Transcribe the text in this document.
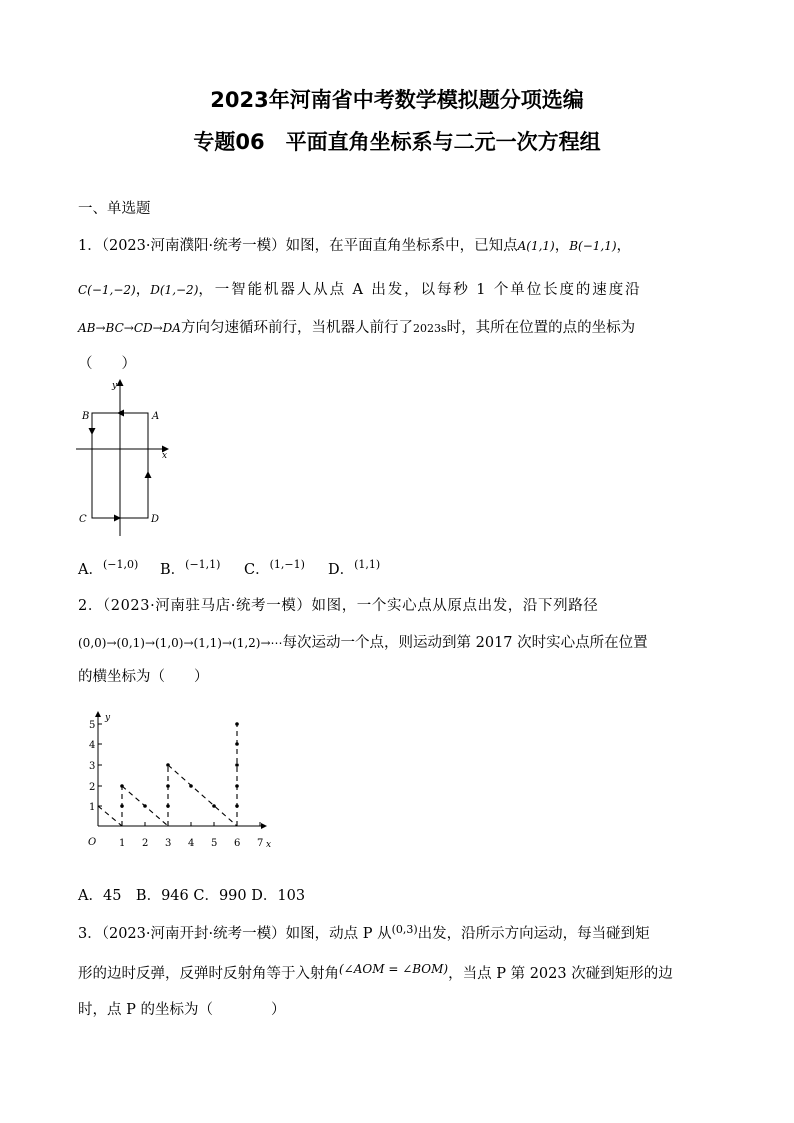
2023年河南省中考数学模拟题分项选编
专题06　平面直角坐标系与二元一次方程组
一、单选题
1．（2023·河南濮阳·统考一模）如图，在平面直角坐标系中，已知点A(1,1)，B(−1,1)，
C(−1,−2)，D(1,−2)，一智能机器人从点 A 出发，以每秒 1 个单位长度的速度沿
AB→BC→CD→DA方向匀速循环前行，当机器人前行了2023s时，其所在位置的点的坐标为
（　　）
y
x
A
B
C	D
A．$^{(-1,0)}$ B．$^{(-1,1)}$ C．$^{(1,-1)}$ D．$^{(1,1)}$
2．（2023·河南驻马店·统考一模）如图，一个实心点从原点出发，沿下列路径
(0,0)→(0,1)→(1,0)→(1,1)→(1,2)→⋯每次运动一个点，则运动到第 2017 次时实心点所在位置
的横坐标为（　　）
y
x
O 1 2 3 4 5 6 7
1
2
3
4
5
A．45　B．946 C．990 D．103
3．（2023·河南开封·统考一模）如图，动点 P 从$^{(0,3)}$出发，沿所示方向运动，每当碰到矩
形的边时反弹，反弹时反射角等于入射角$^{(\angle AOM = \angle BOM)}$，当点 P 第 2023 次碰到矩形的边
时，点 P 的坐标为（　　　　）
